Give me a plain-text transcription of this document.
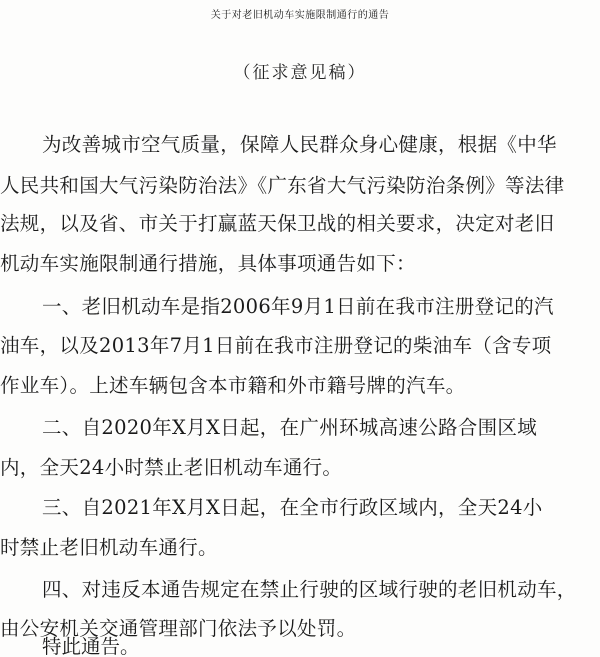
关于对老旧机动车实施限制通行的通告
（征求意见稿）
为改善城市空气质量，保障人民群众身心健康，根据《中华
人民共和国大气污染防治法》《广东省大气污染防治条例》等法律
法规，以及省、市关于打赢蓝天保卫战的相关要求，决定对老旧
机动车实施限制通行措施，具体事项通告如下：
一、老旧机动车是指2006年9月1日前在我市注册登记的汽
油车，以及2013年7月1日前在我市注册登记的柴油车（含专项
作业车）。上述车辆包含本市籍和外市籍号牌的汽车。
二、自2020年X月X日起，在广州环城高速公路合围区域
内，全天24小时禁止老旧机动车通行。
三、自2021年X月X日起，在全市行政区域内，全天24小
时禁止老旧机动车通行。
四、对违反本通告规定在禁止行驶的区域行驶的老旧机动车，
由公安机关交通管理部门依法予以处罚。
特此通告。
